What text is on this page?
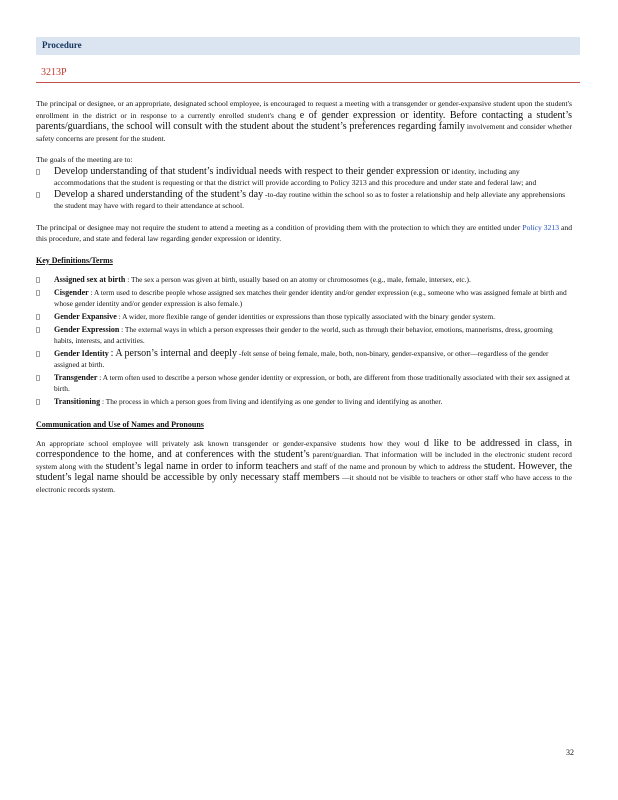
Procedure
3213P

The principal or designee, or an appropriate, designated school employee, is encouraged to request a meeting with a transgender or gender-expansive student upon the student's enrollment in the district or in response to a currently enrolled student's chang e of gender expression or identity. Before contacting a student’s parents/guardians, the school will consult with the student about the student’s preferences regarding family involvement and consider whether safety concerns are present for the student.

The goals of the meeting are to:

▯ Develop understanding of that student’s individual needs with respect to their gender expression or identity, including any accommodations that the student is requesting or that the district will provide according to Policy 3213 and this procedure and under state and federal law; and
▯ Develop a shared understanding of the student’s day -to-day routine within the school so as to foster a relationship and help alleviate any apprehensions the student may have with regard to their attendance at school.

The principal or designee may not require the student to attend a meeting as a condition of providing them with the protection to which they are entitled under Policy 3213 and this procedure, and state and federal law regarding gender expression or identity.

Key Definitions/Terms

▯ Assigned sex at birth : The sex a person was given at birth, usually based on an atomy or chromosomes (e.g., male, female, intersex, etc.).
▯ Cisgender : A term used to describe people whose assigned sex matches their gender identity and/or gender expression (e.g., someone who was assigned female at birth and whose gender identity and/or gender expression is also female.)
▯ Gender Expansive : A wider, more flexible range of gender identities or expressions than those typically associated with the binary gender system.
▯ Gender Expression : The external ways in which a person expresses their gender to the world, such as through their behavior, emotions, mannerisms, dress, grooming habits, interests, and activities.
▯ Gender Identity : A person’s internal and deeply -felt sense of being female, male, both, non-binary, gender-expansive, or other—regardless of the gender assigned at birth.
▯ Transgender : A term often used to describe a person whose gender identity or expression, or both, are different from those traditionally associated with their sex assigned at birth.
▯ Transitioning : The process in which a person goes from living and identifying as one gender to living and identifying as another.

Communication and Use of Names and Pronouns

An appropriate school employee will privately ask known transgender or gender-expansive students how they woul d like to be addressed in class, in correspondence to the home, and at conferences with the student’s parent/guardian. That information will be included in the electronic student record system along with the student’s legal name in order to inform teachers and staff of the name and pronoun by which to address the student. However, the student’s legal name should be accessible by only necessary staff members —it should not be visible to teachers or other staff who have access to the electronic records system.

32
